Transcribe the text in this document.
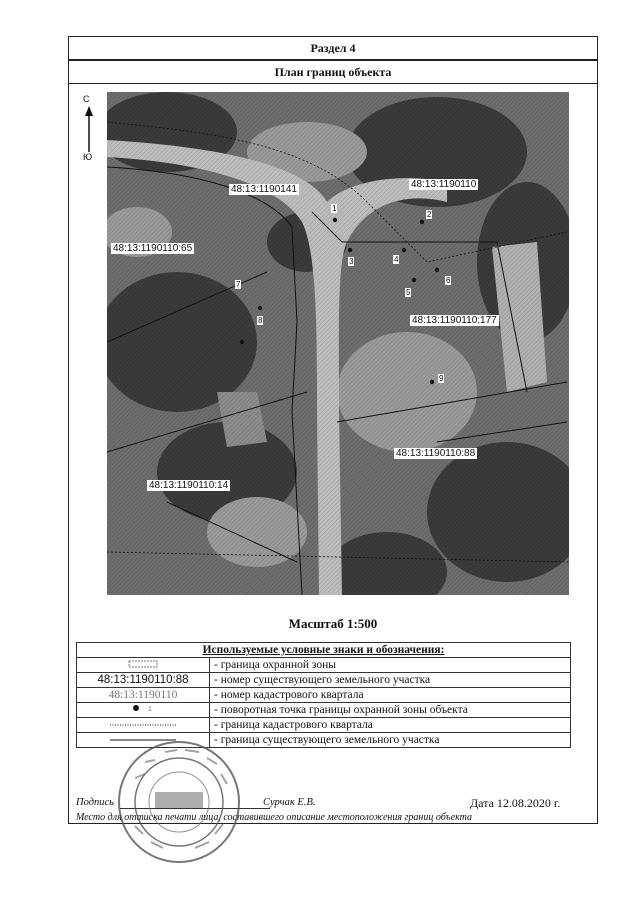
Раздел 4
План границ объекта
С
Ю
48:13:1190141	48:13:1190110
48:13:1190110:65
48:13:1190110:177
48:13:1190110:88
48:13:1190110:14
1
2
3	4
5
6
7
8
9
Масштаб 1:500
Используемые условные знаки и обозначения:	
	- граница охранной зоны
48:13:1190110:88	- номер существующего земельного участка
48:13:1190110	- номер кадастрового квартала

1	- поворотная точка границы охранной зоны объекта
	- граница кадастрового квартала
	- граница существующего земельного участка
Подпись	Сурчак Е.В.	Дата 12.08.2020 г.
Место для оттиска печати лица, составившего описание местоположения границ объекта
